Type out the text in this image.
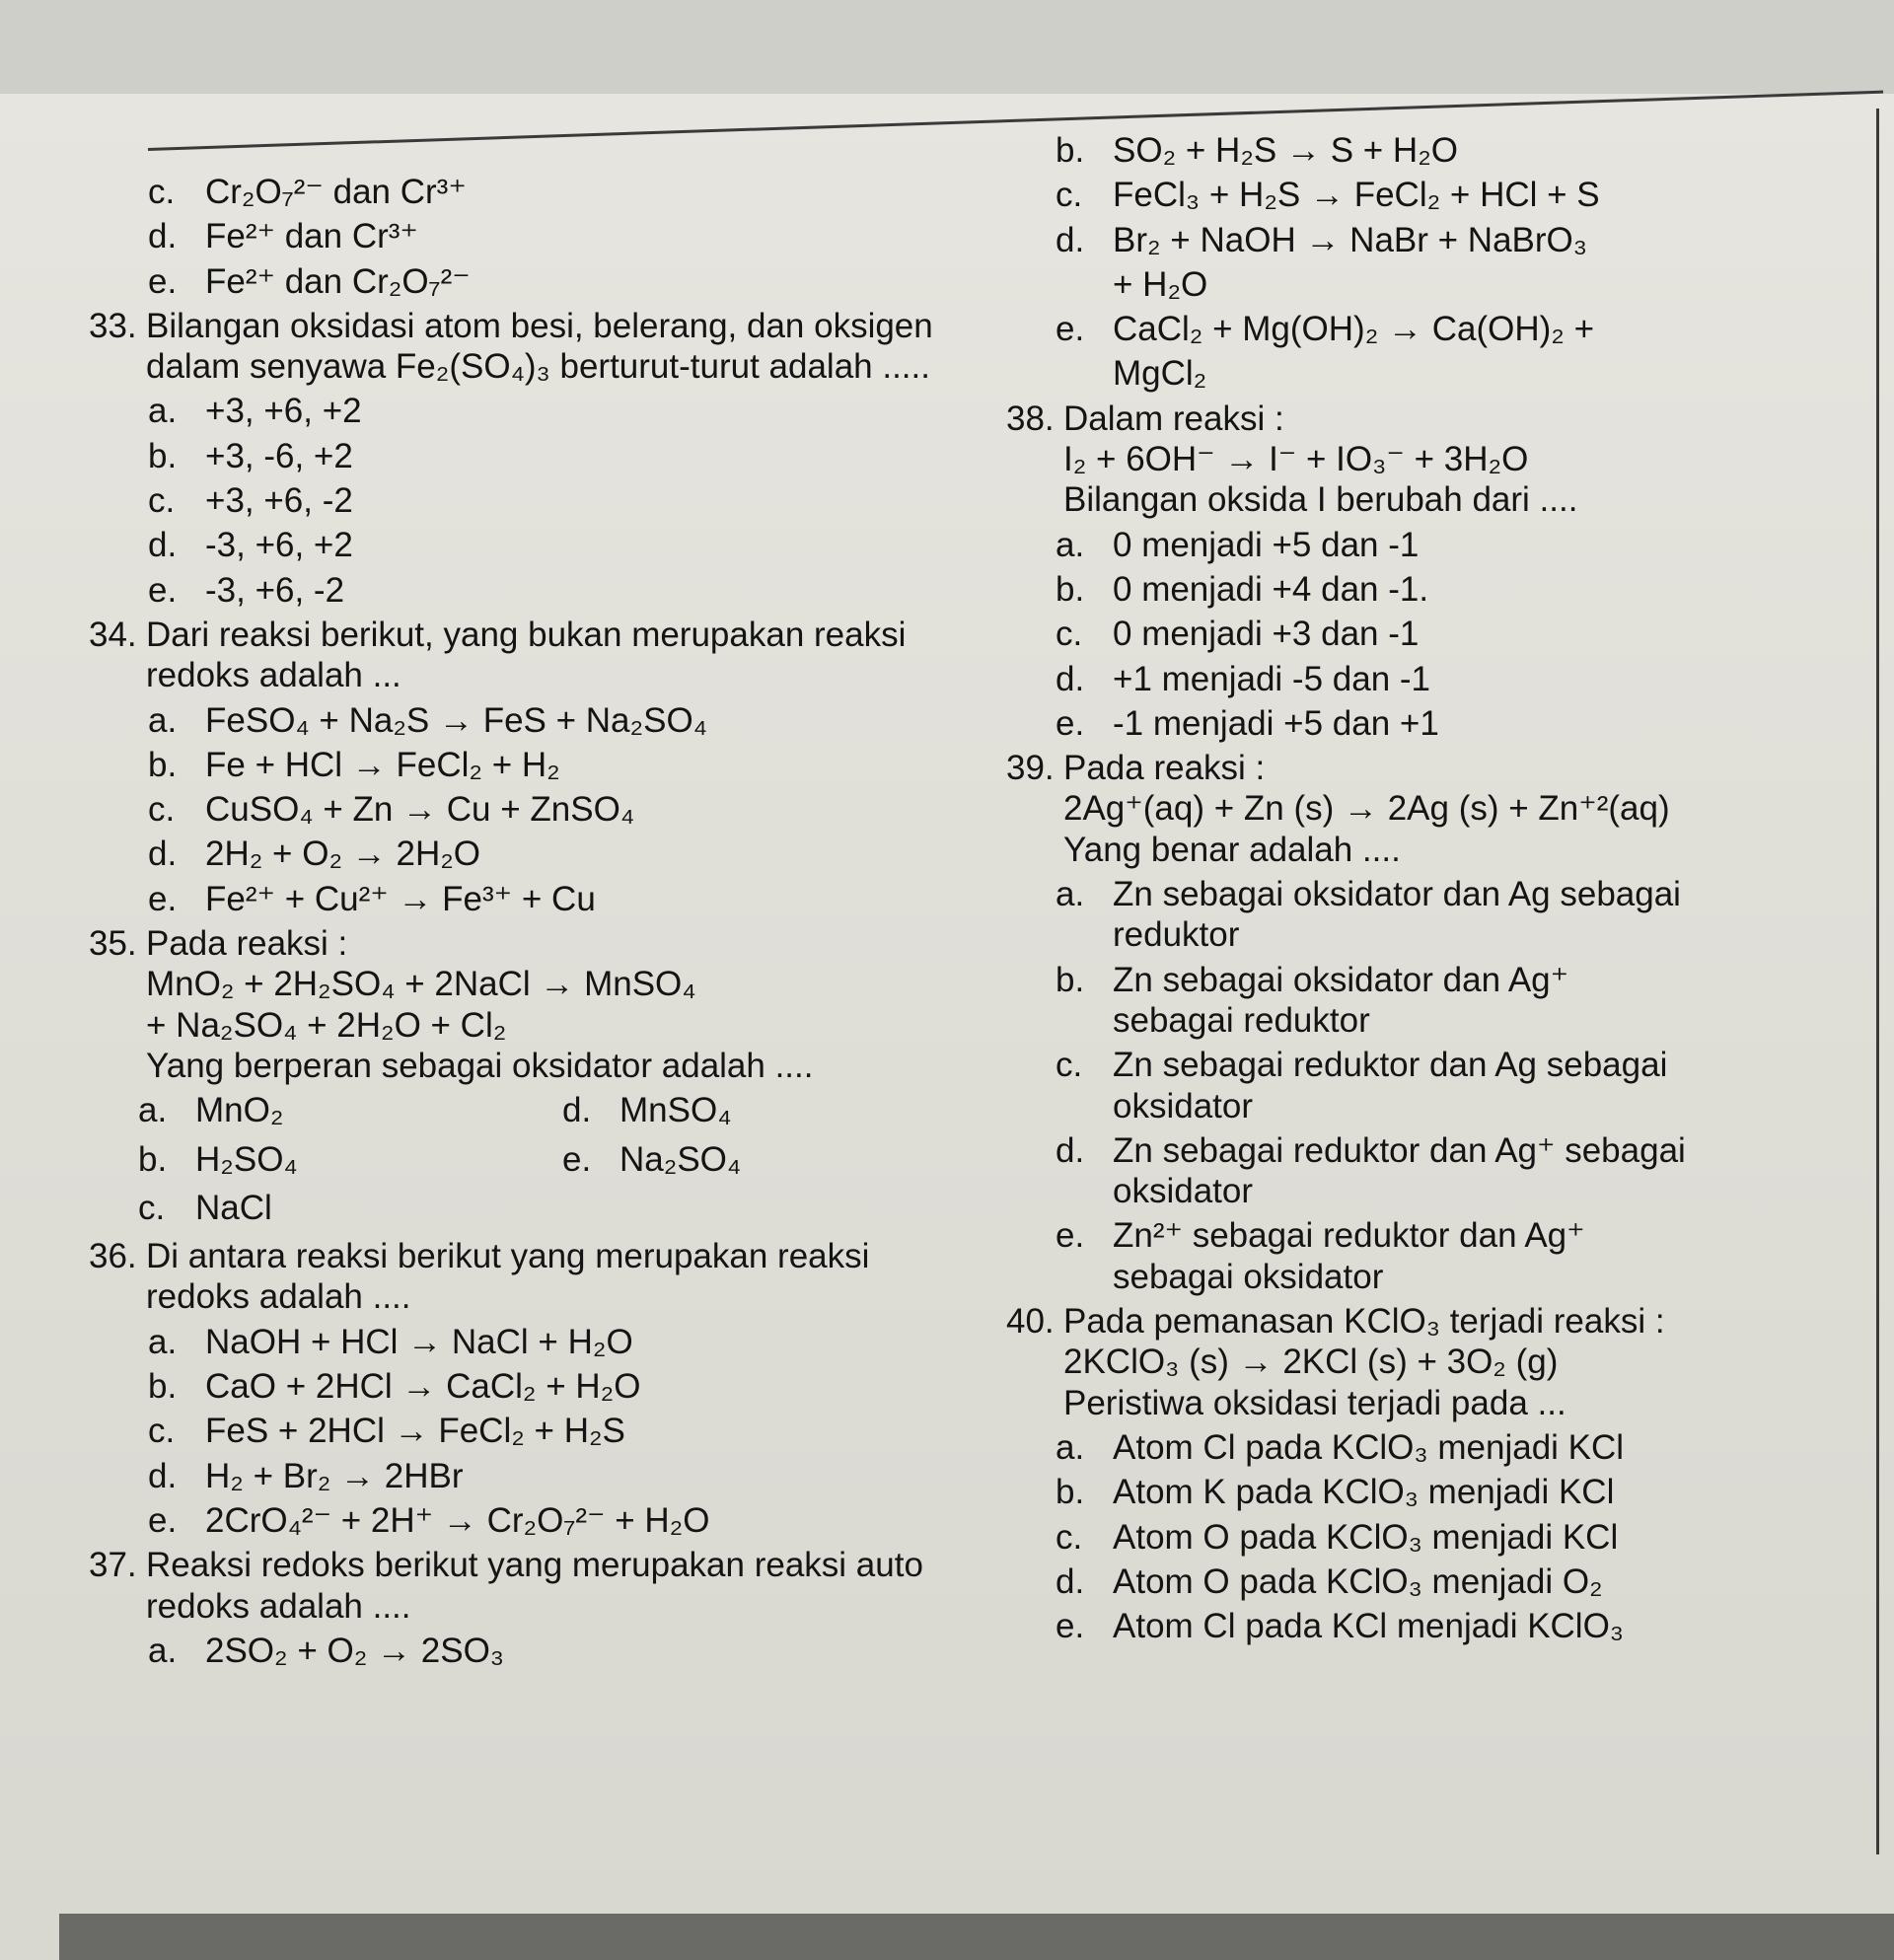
c. Cr₂O₇²⁻ dan Cr³⁺
d. Fe²⁺ dan Cr³⁺
e. Fe²⁺ dan Cr₂O₇²⁻
33. Bilangan oksidasi atom besi, belerang, dan oksigen dalam senyawa Fe₂(SO₄)₃ berturut-turut adalah .....
a. +3, +6, +2
b. +3, -6, +2
c. +3, +6, -2
d. -3, +6, +2
e. -3, +6, -2
34. Dari reaksi berikut, yang bukan merupakan reaksi redoks adalah ...
a. FeSO₄ + Na₂S → FeS + Na₂SO₄
b. Fe + HCl → FeCl₂ + H₂
c. CuSO₄ + Zn → Cu + ZnSO₄
d. 2H₂ + O₂ → 2H₂O
e. Fe²⁺ + Cu²⁺ → Fe³⁺ + Cu
35. Pada reaksi :
MnO₂ + 2H₂SO₄ + 2NaCl → MnSO₄
+ Na₂SO₄ + 2H₂O + Cl₂
Yang berperan sebagai oksidator adalah ....
a. MnO₂	d. MnSO₄
b. H₂SO₄	e. Na₂SO₄
c. NaCl
36. Di antara reaksi berikut yang merupakan reaksi redoks adalah ....
a. NaOH + HCl → NaCl + H₂O
b. CaO + 2HCl → CaCl₂ + H₂O
c. FeS + 2HCl → FeCl₂ + H₂S
d. H₂ + Br₂ → 2HBr
e. 2CrO₄²⁻ + 2H⁺ → Cr₂O₇²⁻ + H₂O
37. Reaksi redoks berikut yang merupakan reaksi auto redoks adalah ....
a. 2SO₂ + O₂ → 2SO₃
b. SO₂ + H₂S → S + H₂O
c. FeCl₃ + H₂S → FeCl₂ + HCl + S
d. Br₂ + NaOH → NaBr + NaBrO₃
+ H₂O
e. CaCl₂ + Mg(OH)₂ → Ca(OH)₂ +
MgCl₂
38. Dalam reaksi :
I₂ + 6OH⁻ → I⁻ + IO₃⁻ + 3H₂O
Bilangan oksida I berubah dari ....
a. 0 menjadi +5 dan -1
b. 0 menjadi +4 dan -1.
c. 0 menjadi +3 dan -1
d. +1 menjadi -5 dan -1
e. -1 menjadi +5 dan +1
39. Pada reaksi :
2Ag⁺(aq) + Zn (s) → 2Ag (s) + Zn⁺²(aq)
Yang benar adalah ....
a. Zn sebagai oksidator dan Ag sebagai
reduktor
b. Zn sebagai oksidator dan Ag⁺
sebagai reduktor
c. Zn sebagai reduktor dan Ag sebagai
oksidator
d. Zn sebagai reduktor dan Ag⁺ sebagai
oksidator
e. Zn²⁺ sebagai reduktor dan Ag⁺
sebagai oksidator
40. Pada pemanasan KClO₃ terjadi reaksi :
2KClO₃ (s) → 2KCl (s) + 3O₂ (g)
Peristiwa oksidasi terjadi pada ...
a. Atom Cl pada KClO₃ menjadi KCl
b. Atom K pada KClO₃ menjadi KCl
c. Atom O pada KClO₃ menjadi KCl
d. Atom O pada KClO₃ menjadi O₂
e. Atom Cl pada KCl menjadi KClO₃
